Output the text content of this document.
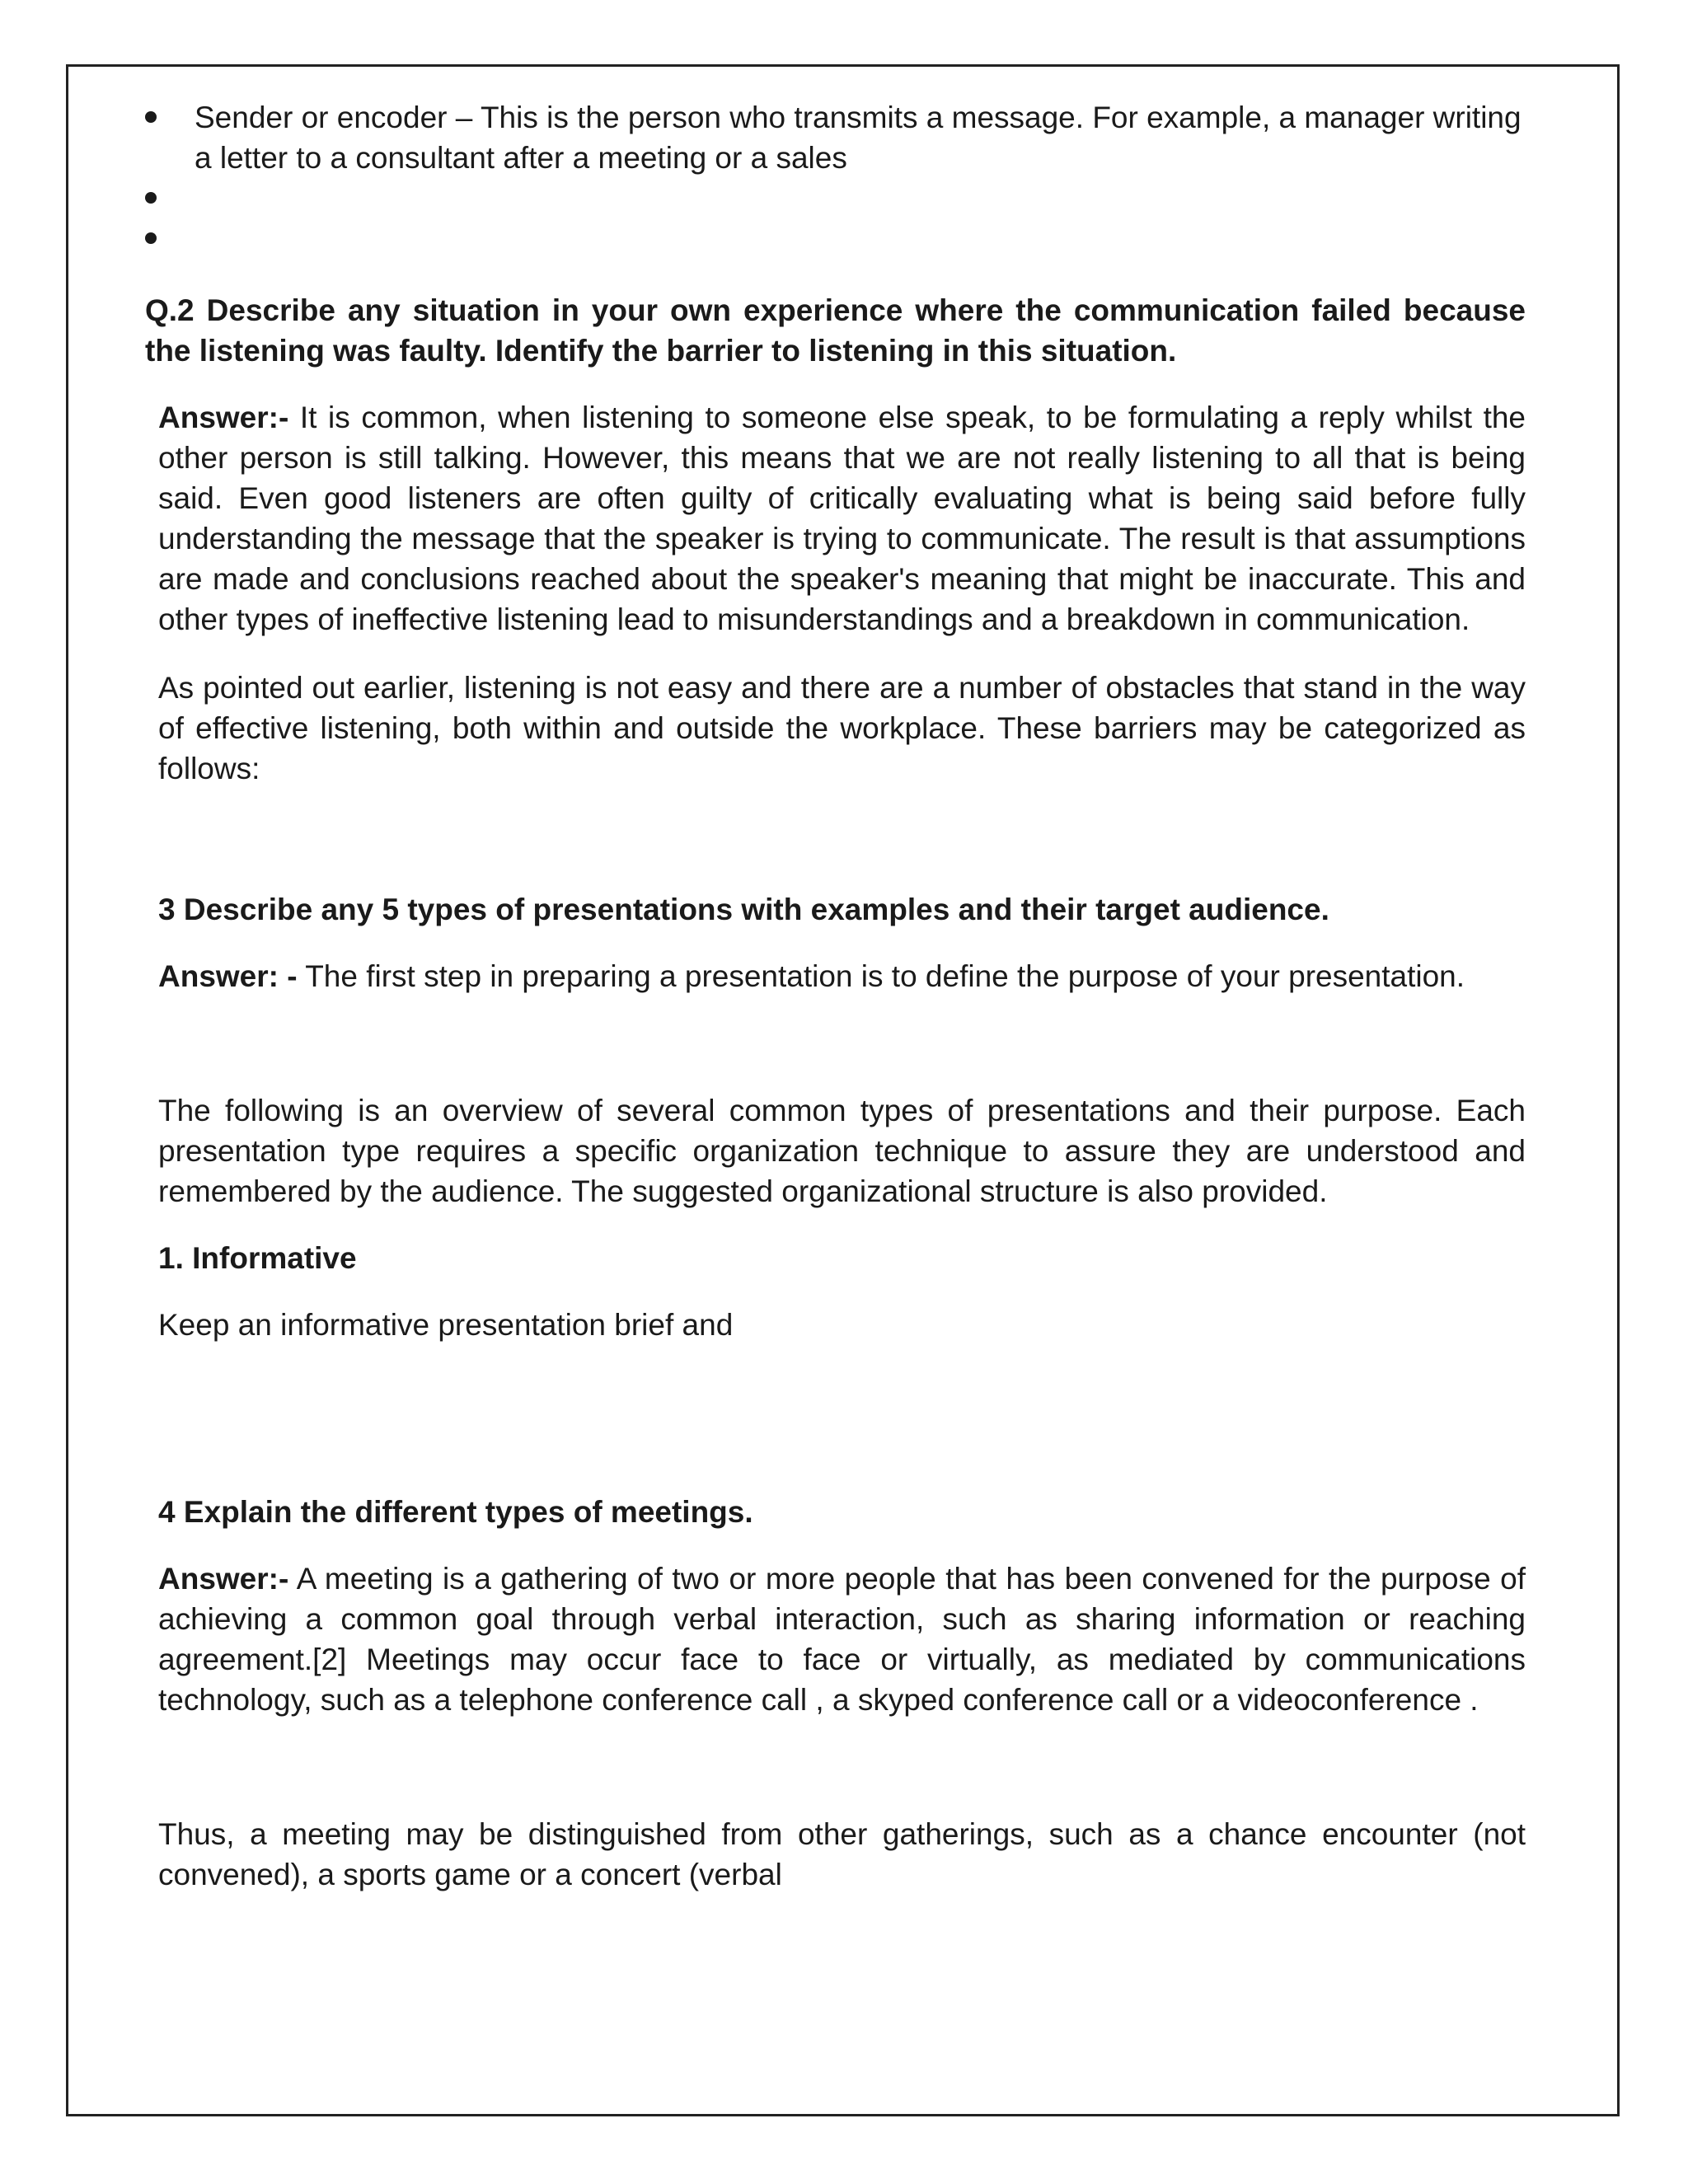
Sender or encoder – This is the person who transmits a message. For example, a manager writing a letter to a consultant after a meeting or a sales

Q.2 Describe any situation in your own experience where the communication failed because the listening was faulty. Identify the barrier to listening in this situation.

Answer:- It is common, when listening to someone else speak, to be formulating a reply whilst the other person is still talking. However, this means that we are not really listening to all that is being said. Even good listeners are often guilty of critically evaluating what is being said before fully understanding the message that the speaker is trying to communicate. The result is that assumptions are made and conclusions reached about the speaker's meaning that might be inaccurate. This and other types of ineffective listening lead to misunderstandings and a breakdown in communication.

As pointed out earlier, listening is not easy and there are a number of obstacles that stand in the way of effective listening, both within and outside the workplace. These barriers may be categorized as follows:

3 Describe any 5 types of presentations with examples and their target audience.

Answer: - The first step in preparing a presentation is to define the purpose of your presentation.

The following is an overview of several common types of presentations and their purpose. Each presentation type requires a specific organization technique to assure they are understood and remembered by the audience. The suggested organizational structure is also provided.

1. Informative

Keep an informative presentation brief and

4 Explain the different types of meetings.

Answer:- A meeting is a gathering of two or more people that has been convened for the purpose of achieving a common goal through verbal interaction, such as sharing information or reaching agreement.[2] Meetings may occur face to face or virtually, as mediated by communications technology, such as a telephone conference call , a skyped conference call or a videoconference .

Thus, a meeting may be distinguished from other gatherings, such as a chance encounter (not convened), a sports game or a concert (verbal
